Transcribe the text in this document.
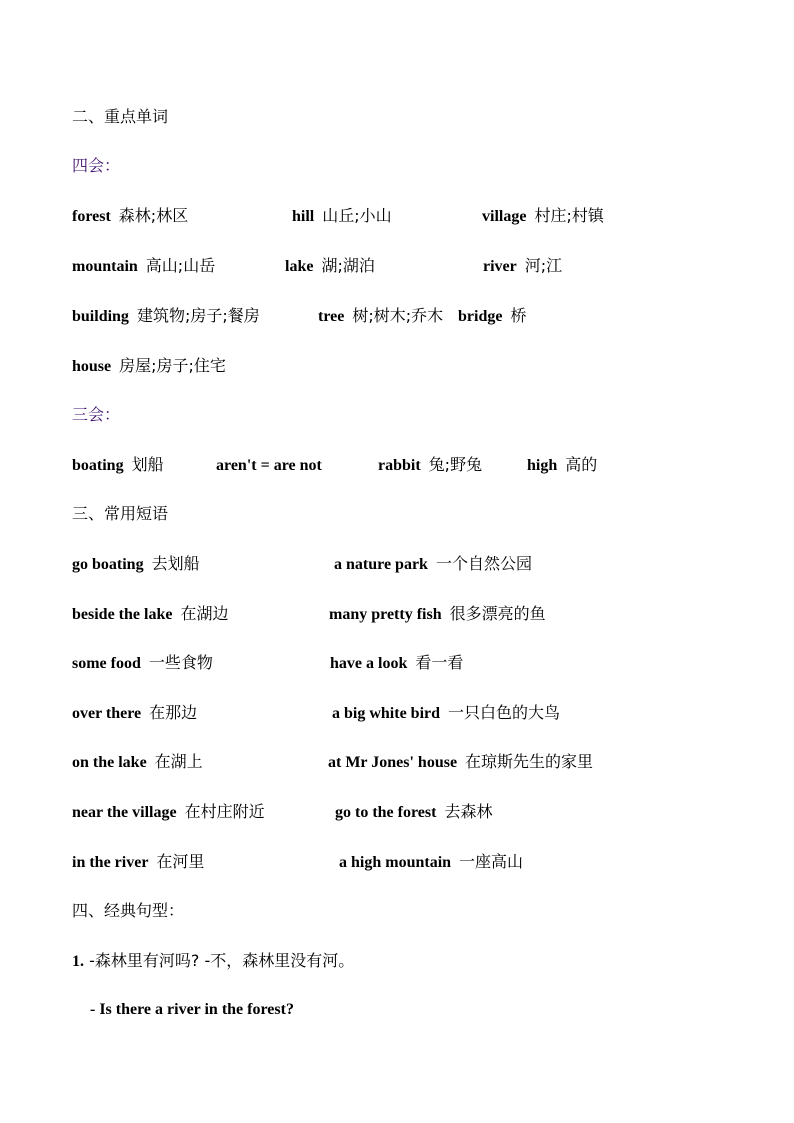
二、重点单词
四会：
forest 森林;林区	hill 山丘;小山	village 村庄;村镇
mountain 高山;山岳	lake 湖;湖泊	river 河;江
building 建筑物;房子;餐房	tree 树;树木;乔木 bridge 桥
house 房屋;房子;住宅
三会：
boating 划船	aren't = are not	rabbit 兔;野兔	high 高的
三、常用短语
go boating 去划船	a nature park 一个自然公园
beside the lake 在湖边	many pretty fish 很多漂亮的鱼
some food 一些食物	have a look 看一看
over there 在那边	a big white bird 一只白色的大鸟
on the lake 在湖上	at Mr Jones' house 在琼斯先生的家里
near the village 在村庄附近	go to the forest 去森林
in the river 在河里	a high mountain 一座高山
四、经典句型：
1. -森林里有河吗? -不，森林里没有河。
- Is there a river in the forest?
